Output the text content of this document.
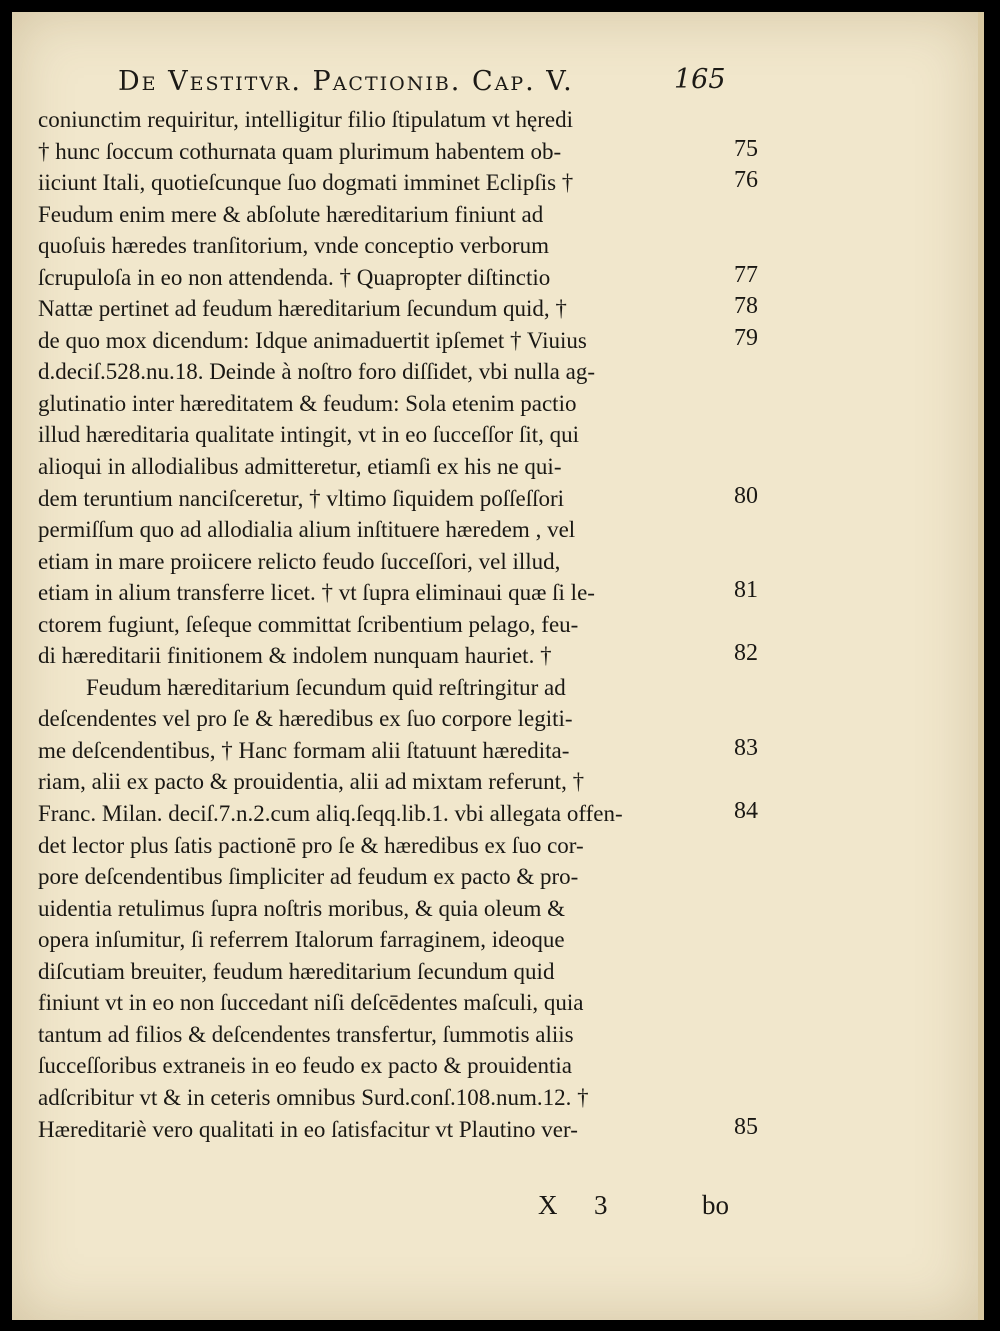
De Vestitvr. Pactionib. Cap. V.	165
coniunctim requiritur, intelligitur filio ſtipulatum vt hęredi
† hunc ſoccum cothurnata quam plurimum habentem ob-
iiciunt Itali, quotieſcunque ſuo dogmati imminet Eclipſis †
Feudum enim mere & abſolute hæreditarium finiunt ad
quoſuis hæredes tranſitorium, vnde conceptio verborum
ſcrupuloſa in eo non attendenda. † Quapropter diſtinctio
Nattæ pertinet ad feudum hæreditarium ſecundum quid, †
de quo mox dicendum: Idque animaduertit ipſemet † Viuius
d.deciſ.528.nu.18. Deinde à noſtro foro diſſidet, vbi nulla ag-
glutinatio inter hæreditatem & feudum: Sola etenim pactio
illud hæreditaria qualitate intingit, vt in eo ſucceſſor ſit, qui
alioqui in allodialibus admitteretur, etiamſi ex his ne qui-
dem teruntium nanciſceretur, † vltimo ſiquidem poſſeſſori
permiſſum quo ad allodialia alium inſtituere hæredem , vel
etiam in mare proiicere relicto feudo ſucceſſori, vel illud,
etiam in alium transferre licet. † vt ſupra eliminaui quæ ſi le-
ctorem fugiunt, ſeſeque committat ſcribentium pelago, feu-
di hæreditarii finitionem & indolem nunquam hauriet. †
Feudum hæreditarium ſecundum quid reſtringitur ad
deſcendentes vel pro ſe & hæredibus ex ſuo corpore legiti-
me deſcendentibus, † Hanc formam alii ſtatuunt hæredita-
riam, alii ex pacto & prouidentia, alii ad mixtam referunt, †
Franc. Milan. deciſ.7.n.2.cum aliq.ſeqq.lib.1. vbi allegata offen-
det lector plus ſatis pactionē pro ſe & hæredibus ex ſuo cor-
pore deſcendentibus ſimpliciter ad feudum ex pacto & pro-
uidentia retulimus ſupra noſtris moribus, & quia oleum &
opera inſumitur, ſi referrem Italorum farraginem, ideoque
diſcutiam breuiter, feudum hæreditarium ſecundum quid
finiunt vt in eo non ſuccedant niſi deſcēdentes maſculi, quia
tantum ad filios & deſcendentes transfertur, ſummotis aliis
ſucceſſoribus extraneis in eo feudo ex pacto & prouidentia
adſcribitur vt & in ceteris omnibus Surd.conſ.108.num.12. †
Hæreditariè vero qualitati in eo ſatisfacitur vt Plautino ver-
75
76
77
78
79
80
81
82
83
84
85
X 3	bo
